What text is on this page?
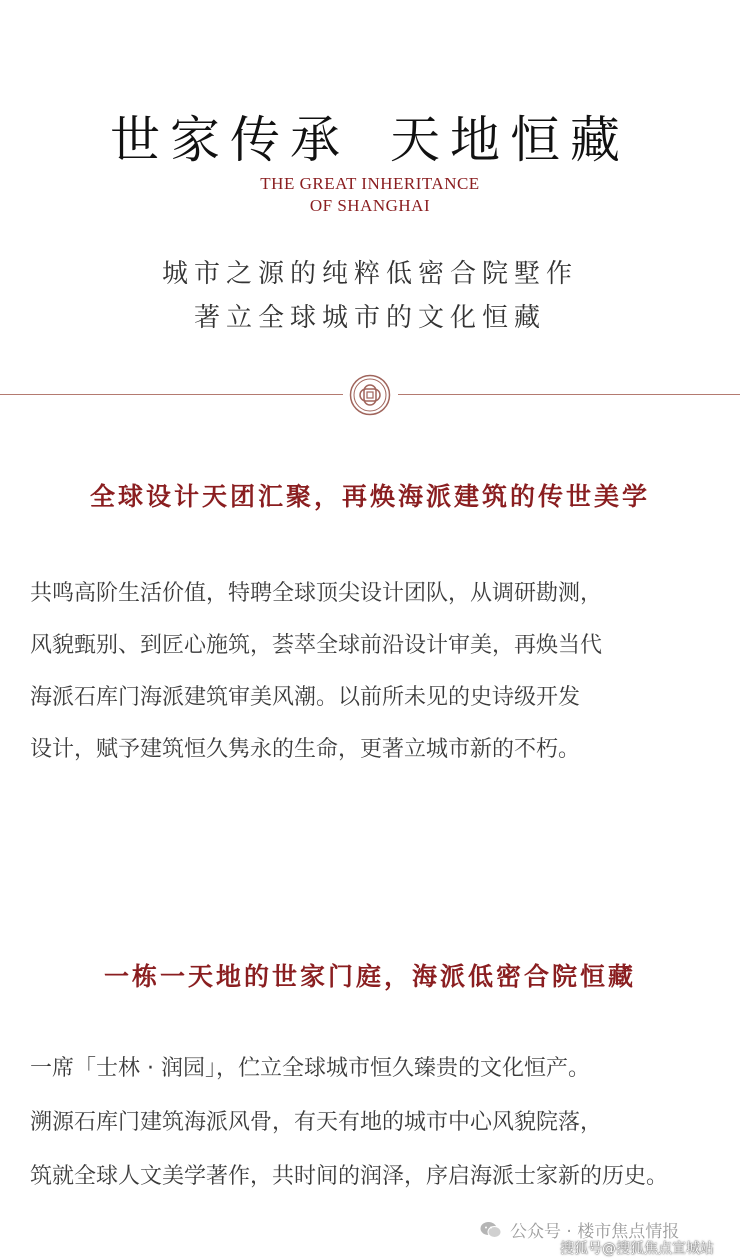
世家传承 天地恒藏
THE GREAT INHERITANCE
OF SHANGHAI
城市之源的纯粹低密合院墅作
著立全球城市的文化恒藏
全球设计天团汇聚，再焕海派建筑的传世美学

共鸣高阶生活价值，特聘全球顶尖设计团队，从调研勘测，

风貌甄别、到匠心施筑，荟萃全球前沿设计审美，再焕当代

海派石库门海派建筑审美风潮。以前所未见的史诗级开发

设计，赋予建筑恒久隽永的生命，更著立城市新的不朽。

一栋一天地的世家门庭，海派低密合院恒藏

一席「士林 · 润园」，伫立全球城市恒久臻贵的文化恒产。

溯源石库门建筑海派风骨，有天有地的城市中心风貌院落，

筑就全球人文美学著作，共时间的润泽，序启海派士家新的历史。

公众号 · 楼市焦点情报
搜狐号@搜狐焦点宣城站
